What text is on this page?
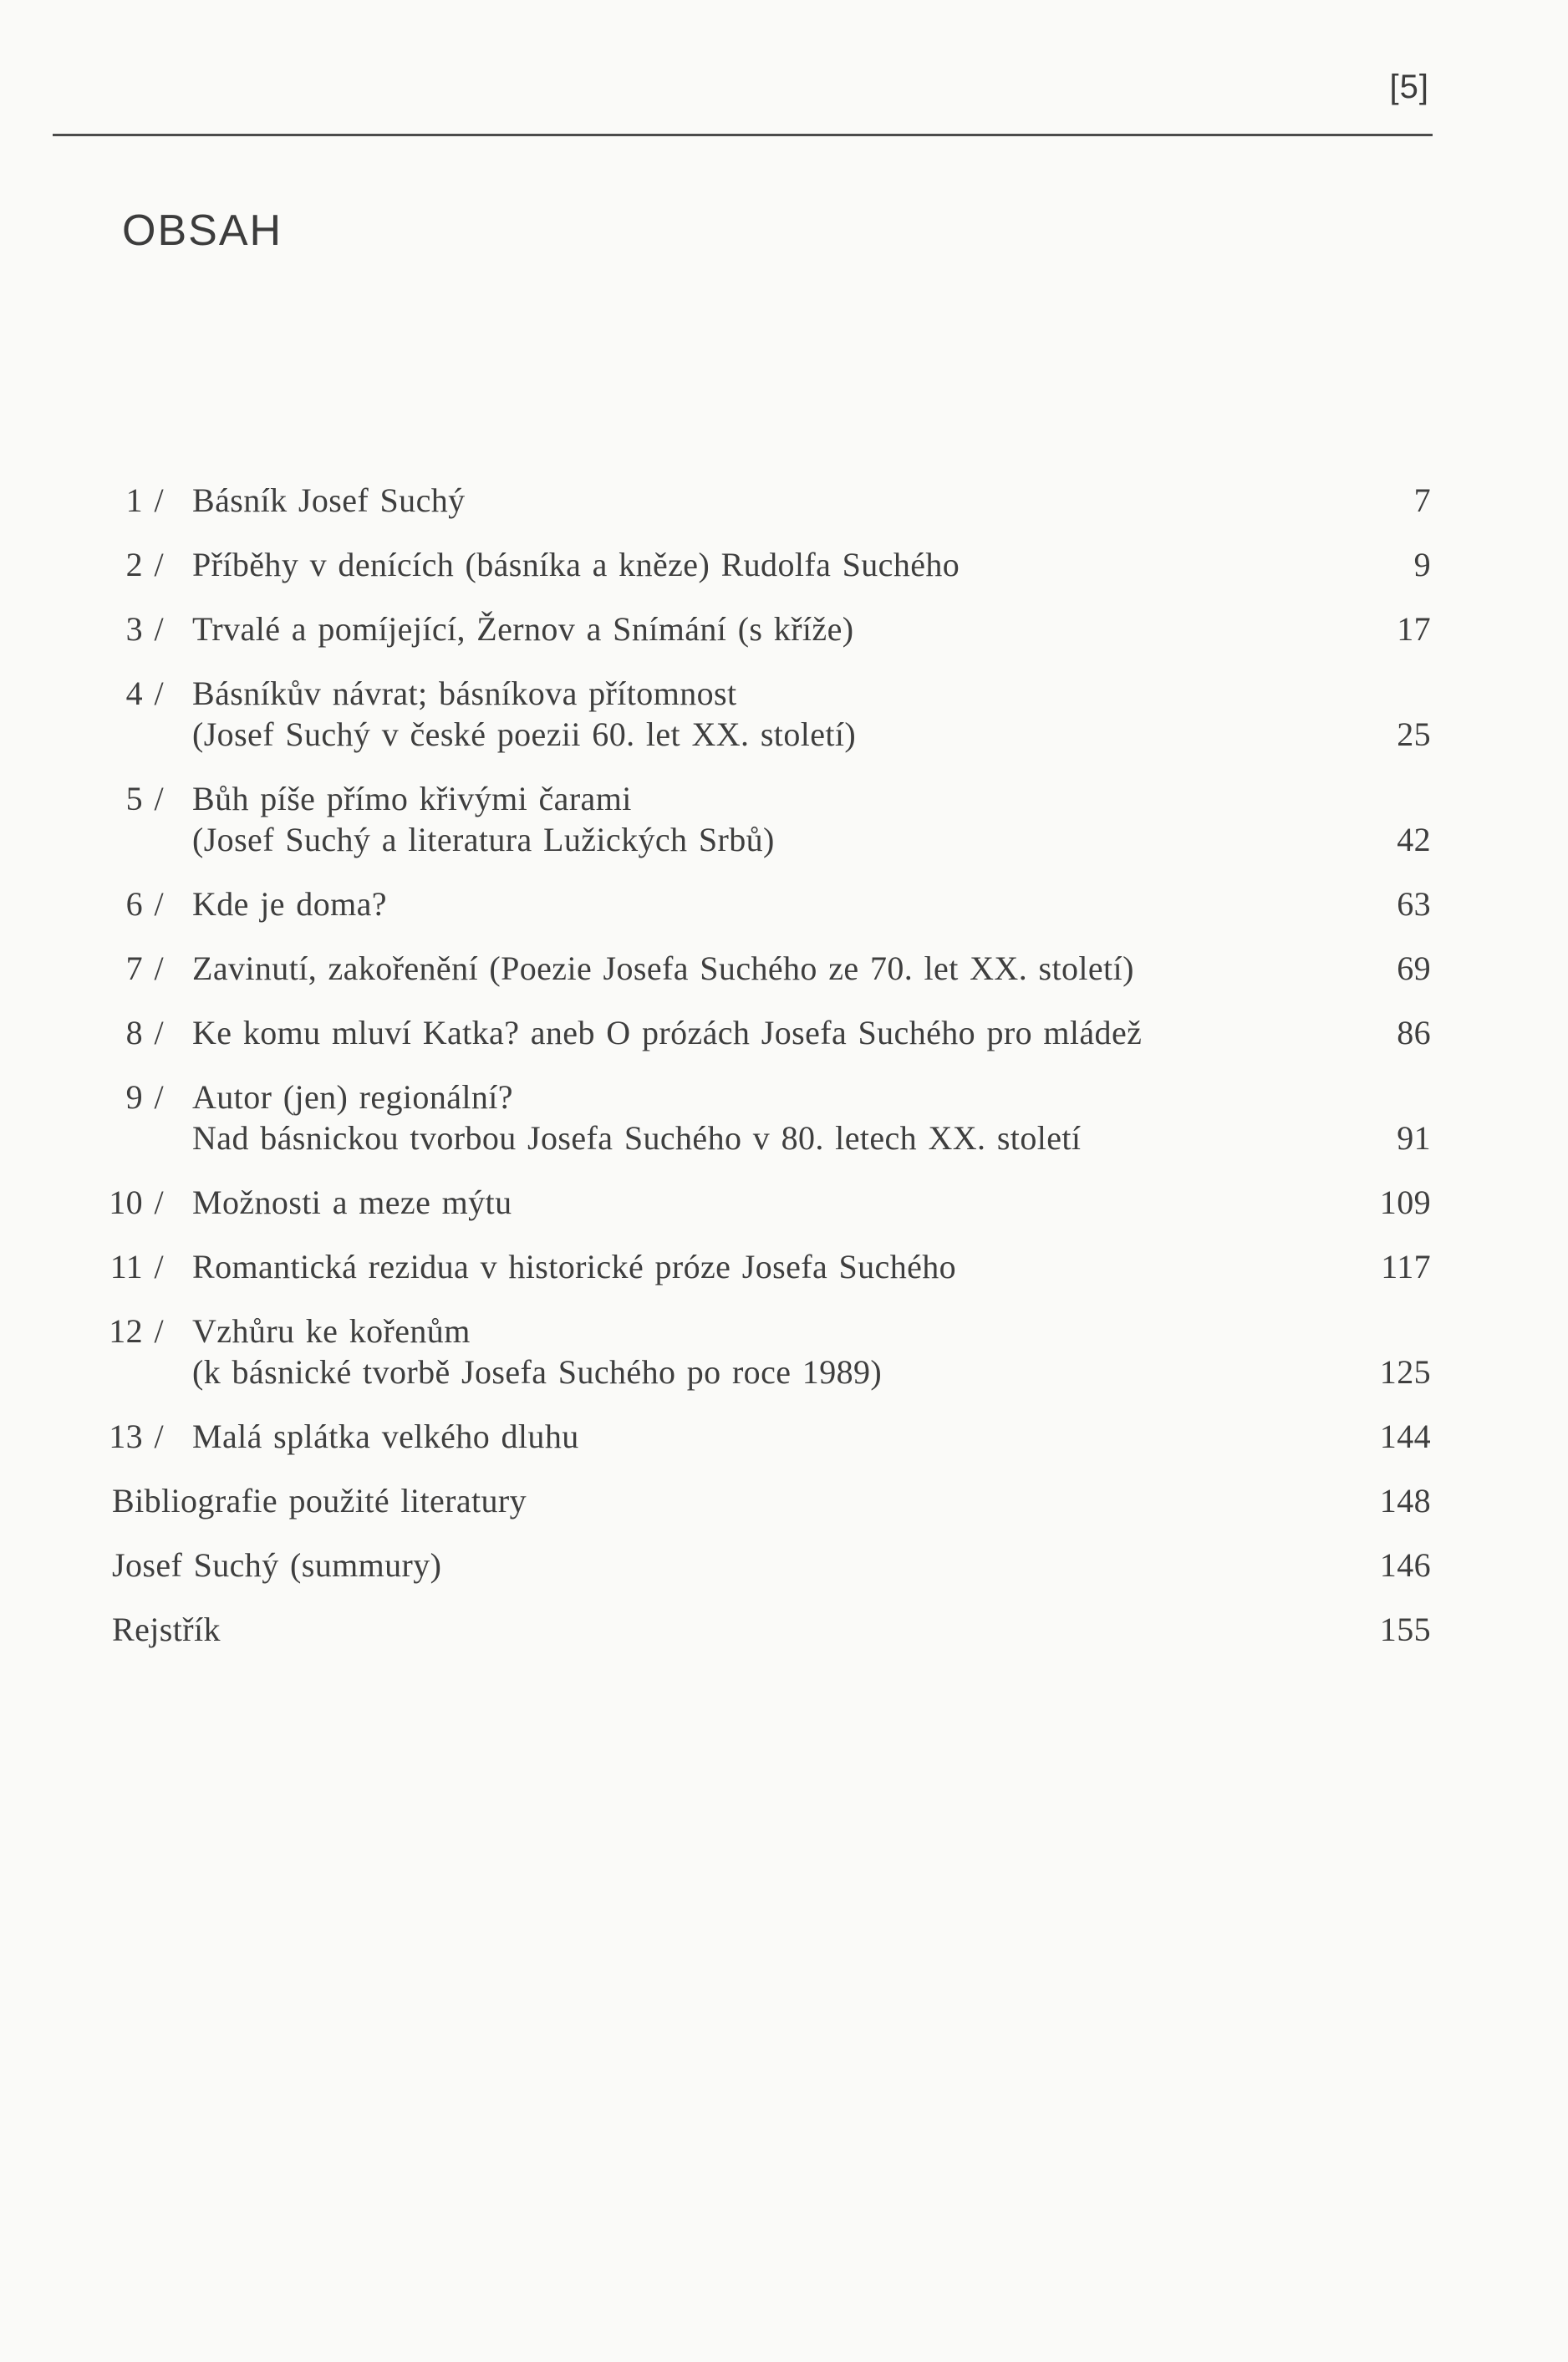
[5]
OBSAH
1 / Básník Josef Suchý	7
2 / Příběhy v denících (básníka a kněze) Rudolfa Suchého	9
3 / Trvalé a pomíjející, Žernov a Snímání (s kříže)	17
4 / Básníkův návrat; básníkova přítomnost
(Josef Suchý v české poezii 60. let XX. století)	25
5 / Bůh píše přímo křivými čarami
(Josef Suchý a literatura Lužických Srbů)	42
6 / Kde je doma?	63
7 / Zavinutí, zakořenění (Poezie Josefa Suchého ze 70. let XX. století)	69
8 / Ke komu mluví Katka? aneb O prózách Josefa Suchého pro mládež	86
9 / Autor (jen) regionální?
Nad básnickou tvorbou Josefa Suchého v 80. letech XX. století	91
10 / Možnosti a meze mýtu	109
11 / Romantická rezidua v historické próze Josefa Suchého	117
12 / Vzhůru ke kořenům
(k básnické tvorbě Josefa Suchého po roce 1989)	125
13 / Malá splátka velkého dluhu	144
Bibliografie použité literatury	148
Josef Suchý (summury)	146
Rejstřík	155
